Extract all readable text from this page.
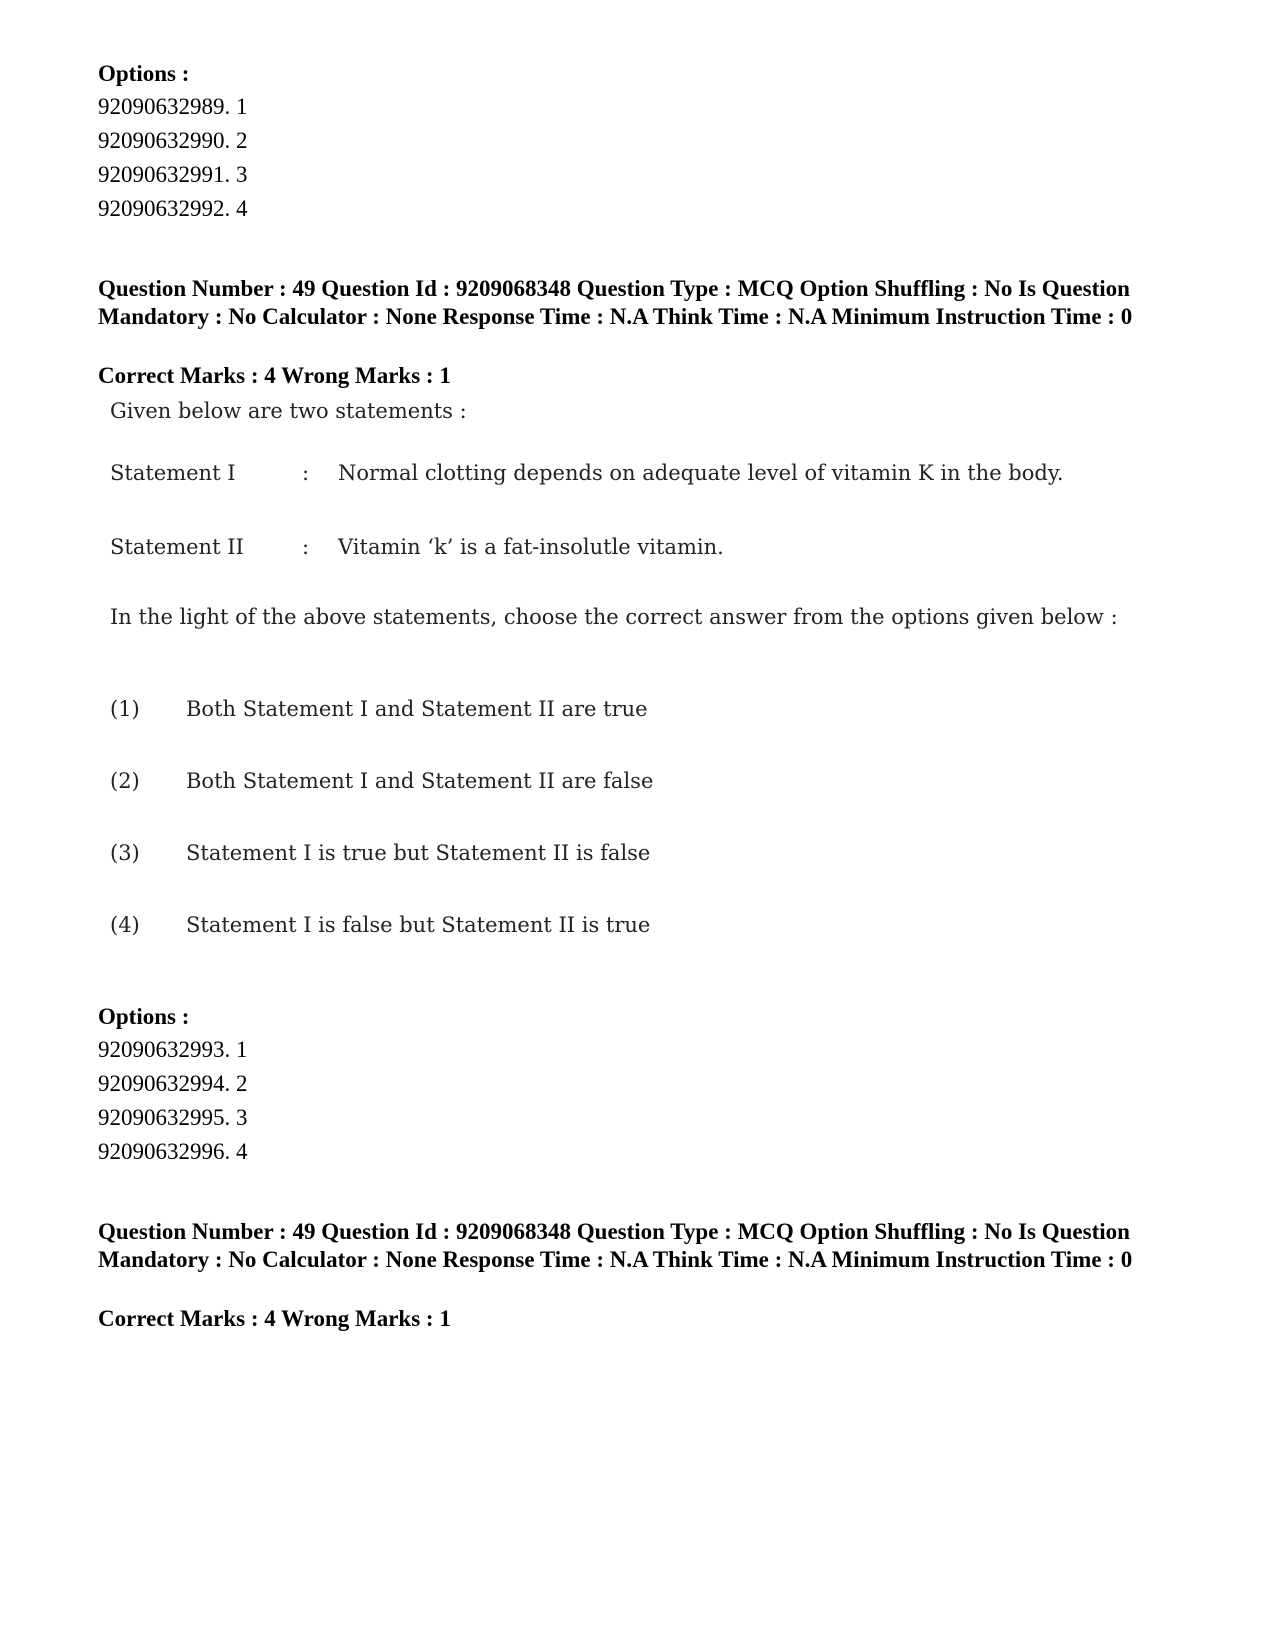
Options :

92090632989. 1
92090632990. 2
92090632991. 3
92090632992. 4

Question Number : 49 Question Id : 9209068348 Question Type : MCQ Option Shuffling : No Is Question Mandatory : No Calculator : None Response Time : N.A Think Time : N.A Minimum Instruction Time : 0

Correct Marks : 4 Wrong Marks : 1

Given below are two statements :

Statement I	: Normal clotting depends on adequate level of vitamin K in the body.
Statement II	: Vitamin ‘k’ is a fat-insolutle vitamin.

In the light of the above statements, choose the correct answer from the options given below :

(1) Both Statement I and Statement II are true
(2) Both Statement I and Statement II are false
(3) Statement I is true but Statement II is false
(4) Statement I is false but Statement II is true

Options :

92090632993. 1
92090632994. 2
92090632995. 3
92090632996. 4

Question Number : 49 Question Id : 9209068348 Question Type : MCQ Option Shuffling : No Is Question Mandatory : No Calculator : None Response Time : N.A Think Time : N.A Minimum Instruction Time : 0

Correct Marks : 4 Wrong Marks : 1
